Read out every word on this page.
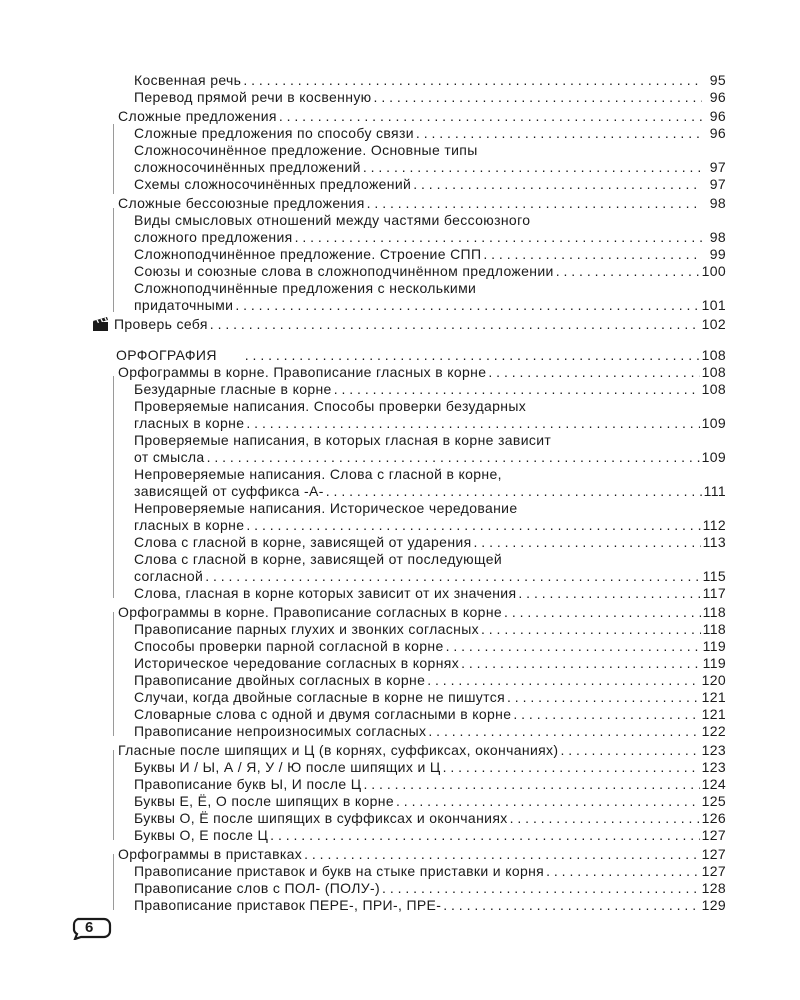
Косвенная речь . . .	95
Перевод прямой речи в косвенную . . .	96
Сложные предложения . . .	96
Сложные предложения по способу связи . . .	96
Сложносочинённое предложение. Основные типы
сложносочинённых предложений . . .	97
Схемы сложносочинённых предложений . . .	97
Сложные бессоюзные предложения . . .	98
Виды смысловых отношений между частями бессоюзного
сложного предложения . . .	98
Сложноподчинённое предложение. Строение СПП . . .	99
Союзы и союзные слова в сложноподчинённом предложении . . .	100
Сложноподчинённые предложения с несколькими
придаточными . . .	101
Проверь себя . . .	102
ОРФОГРАФИЯ . . .	108
Орфограммы в корне. Правописание гласных в корне . . .	108
Безударные гласные в корне . . .	108
Проверяемые написания. Способы проверки безударных
гласных в корне . . .	109
Проверяемые написания, в которых гласная в корне зависит
от смысла . . .	109
Непроверяемые написания. Слова с гласной в корне,
зависящей от суффикса -А- . . .	111
Непроверяемые написания. Историческое чередование
гласных в корне . . .	112
Слова с гласной в корне, зависящей от ударения . . .	113
Слова с гласной в корне, зависящей от последующей
согласной . . .	115
Слова, гласная в корне которых зависит от их значения . . .	117
Орфограммы в корне. Правописание согласных в корне . . .	118
Правописание парных глухих и звонких согласных . . .	118
Способы проверки парной согласной в корне . . .	119
Историческое чередование согласных в корнях . . .	119
Правописание двойных согласных в корне . . .	120
Случаи, когда двойные согласные в корне не пишутся . . .	121
Словарные слова с одной и двумя согласными в корне . . .	121
Правописание непроизносимых согласных . . .	122
Гласные после шипящих и Ц (в корнях, суффиксах, окончаниях) . . .	123
Буквы И / Ы, А / Я, У / Ю после шипящих и Ц . . .	123
Правописание букв Ы, И после Ц . . .	124
Буквы Е, Ё, О после шипящих в корне . . .	125
Буквы О, Ё после шипящих в суффиксах и окончаниях . . .	126
Буквы О, Е после Ц . . .	127
Орфограммы в приставках . . .	127
Правописание приставок и букв на стыке приставки и корня . . .	127
Правописание слов с ПОЛ- (ПОЛУ-) . . .	128
Правописание приставок ПЕРЕ-, ПРИ-, ПРЕ- . . .	129
6
